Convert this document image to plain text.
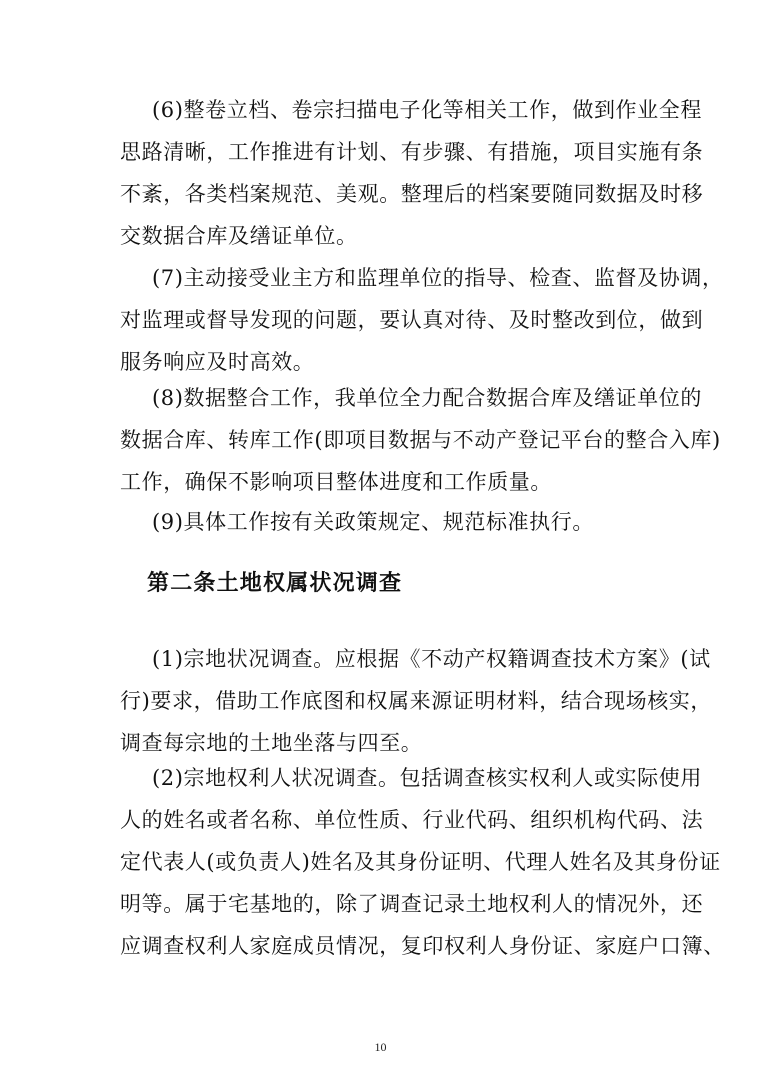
(6)整卷立档、卷宗扫描电子化等相关工作，做到作业全程
思路清晰，工作推进有计划、有步骤、有措施，项目实施有条
不紊，各类档案规范、美观。整理后的档案要随同数据及时移
交数据合库及缮证单位。
(7)主动接受业主方和监理单位的指导、检查、监督及协调，
对监理或督导发现的问题，要认真对待、及时整改到位，做到
服务响应及时高效。
(8)数据整合工作，我单位全力配合数据合库及缮证单位的
数据合库、转库工作(即项目数据与不动产登记平台的整合入库)
工作，确保不影响项目整体进度和工作质量。
(9)具体工作按有关政策规定、规范标准执行。
第二条土地权属状况调查
(1)宗地状况调查。应根据《不动产权籍调查技术方案》(试
行)要求，借助工作底图和权属来源证明材料，结合现场核实，
调查每宗地的土地坐落与四至。
(2)宗地权利人状况调查。包括调查核实权利人或实际使用
人的姓名或者名称、单位性质、行业代码、组织机构代码、法
定代表人(或负责人)姓名及其身份证明、代理人姓名及其身份证
明等。属于宅基地的，除了调查记录土地权利人的情况外，还
应调查权利人家庭成员情况，复印权利人身份证、家庭户口簿、
10
